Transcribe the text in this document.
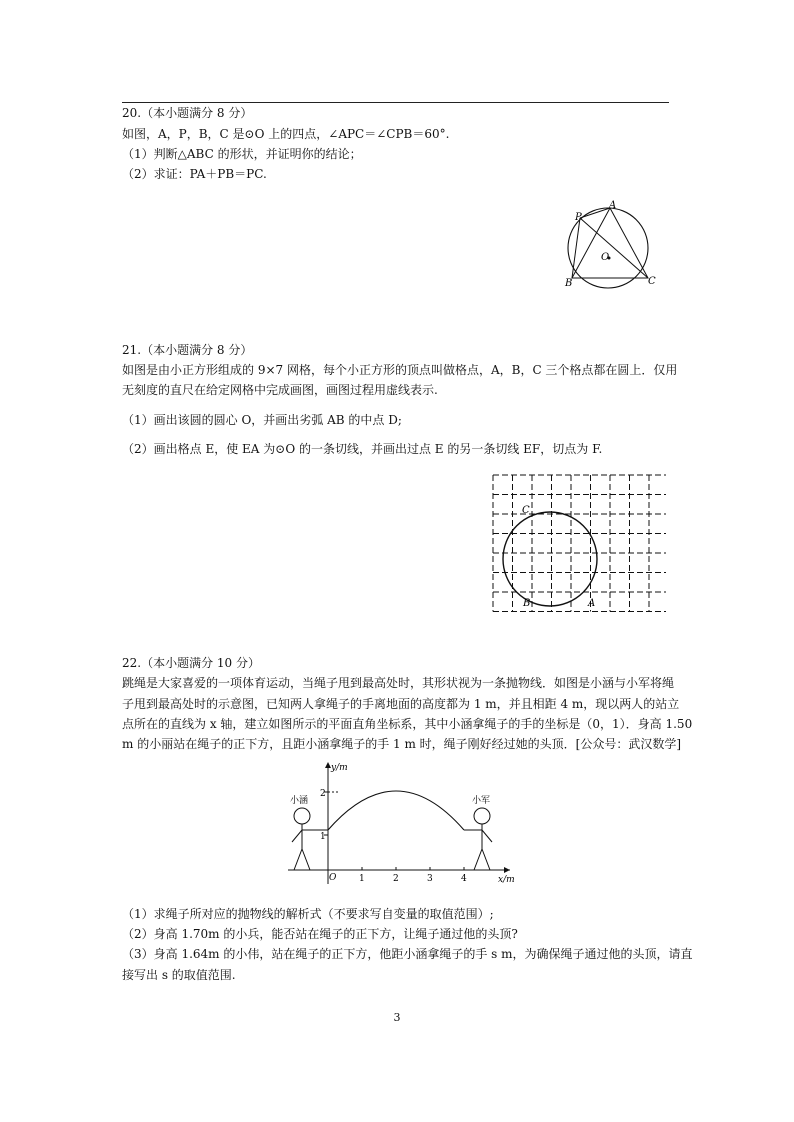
20.（本小题满分 8 分）
如图，A，P，B，C 是⊙O 上的四点，∠APC＝∠CPB＝60°.
（1）判断△ABC 的形状，并证明你的结论；
（2）求证：PA＋PB＝PC.
P
A
B	C
O
21.（本小题满分 8 分）
如图是由小正方形组成的 9×7 网格，每个小正方形的顶点叫做格点，A，B，C 三个格点都在圆上．仅用
无刻度的直尺在给定网格中完成画图，画图过程用虚线表示.
（1）画出该圆的圆心 O，并画出劣弧 AB 的中点 D;
（2）画出格点 E，使 EA 为⊙O 的一条切线，并画出过点 E 的另一条切线 EF，切点为 F.
C
B	A
22.（本小题满分 10 分）
跳绳是大家喜爱的一项体育运动，当绳子甩到最高处时，其形状视为一条抛物线．如图是小涵与小军将绳
子甩到最高处时的示意图，已知两人拿绳子的手离地面的高度都为 1 m，并且相距 4 m，现以两人的站立
点所在的直线为 x 轴，建立如图所示的平面直角坐标系，其中小涵拿绳子的手的坐标是（0，1）．身高 1.50
m 的小丽站在绳子的正下方，且距小涵拿绳子的手 1 m 时，绳子刚好经过她的头顶．[公众号：武汉数学]
y/m
x/m
O	1	2	3	4
1
2
小涵	小军
（1）求绳子所对应的抛物线的解析式（不要求写自变量的取值范围）;
（2）身高 1.70m 的小兵，能否站在绳子的正下方，让绳子通过他的头顶?
（3）身高 1.64m 的小伟，站在绳子的正下方，他距小涵拿绳子的手 s m，为确保绳子通过他的头顶，请直
接写出 s 的取值范围.
3
